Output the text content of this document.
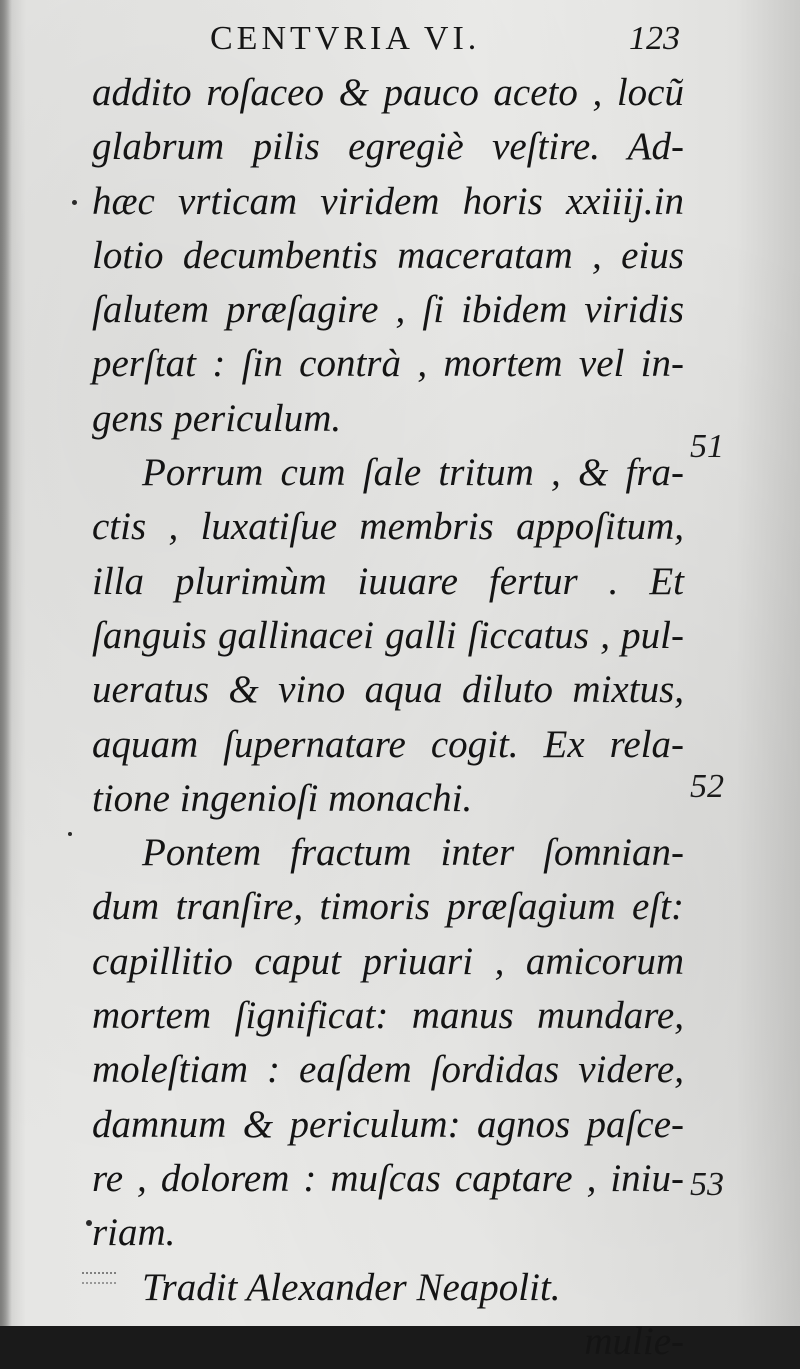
CENTVRIA VI.	123
addito roſaceo & pauco aceto , locũ
glabrum pilis egregiè veſtire. Ad-
hæc vrticam viridem horis xxiiij.in
lotio decumbentis maceratam , eius
ſalutem præſagire , ſi ibidem viridis
perſtat : ſin contrà , mortem vel in-
gens periculum.
Porrum cum ſale tritum , & fra-
ctis , luxatiſue membris appoſitum,
illa plurimùm iuuare fertur . Et
ſanguis gallinacei galli ſiccatus , pul-
ueratus & vino aqua diluto mixtus,
aquam ſupernatare cogit. Ex rela-
tione ingenioſi monachi.
Pontem fractum inter ſomnian-
dum tranſire, timoris præſagium eſt:
capillitio caput priuari , amicorum
mortem ſignificat: manus mundare,
moleſtiam : eaſdem ſordidas videre,
damnum & periculum: agnos paſce-
re , dolorem : muſcas captare , iniu-
riam.
Tradit Alexander Neapolit.
mulie-
51
52
53
